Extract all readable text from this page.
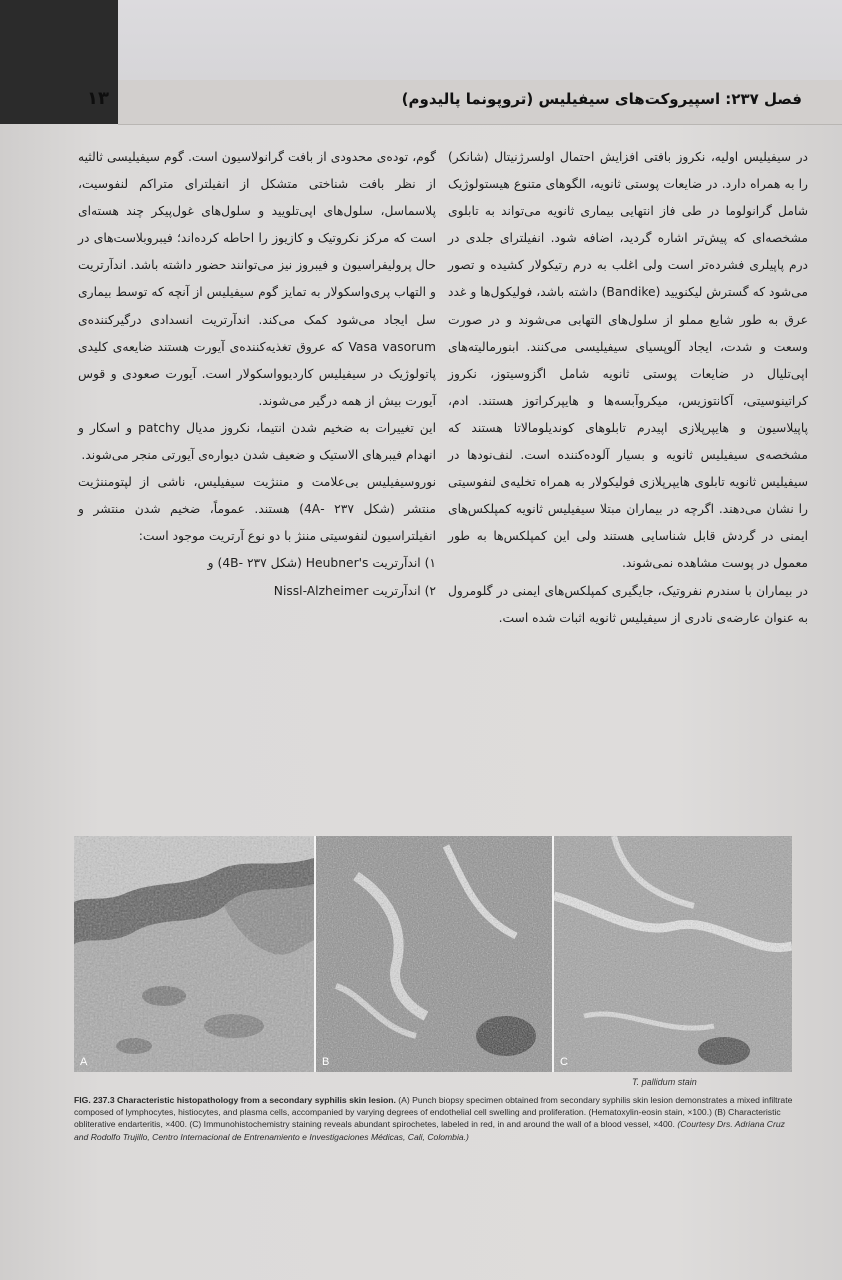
فصل ۲۳۷: اسپیروکت‌های سیفیلیس (تروپونما پالیدوم)
۱۳

در سیفیلیس اولیه، نکروز بافتی افزایش احتمال اولسرژنیتال (شانکر) را به همراه دارد. در ضایعات پوستی ثانویه، الگوهای متنوع هیستولوژیک شامل گرانولوما در طی فاز انتهایی بیماری ثانویه می‌تواند به تابلوی مشخصه‌ای که پیش‌تر اشاره گردید، اضافه شود. انفیلترای جلدی در درم پاپیلری فشرده‌تر است ولی اغلب به درم رتیکولار کشیده و تصور می‌شود که گسترش لیکنویید (Bandike) داشته باشد، فولیکول‌ها و غدد عرق به طور شایع مملو از سلول‌های التهابی می‌شوند و در صورت وسعت و شدت، ایجاد آلوپسیای سیفیلیسی می‌کنند. ابنورمالیته‌های اپی‌تلیال در ضایعات پوستی ثانویه شامل اگزوسیتوز، نکروز کراتینوسیتی، آکانتوزیس، میکروآبسه‌ها و هایپرکراتوز هستند. ادم، پاپیلاسیون و هایپرپلازی اپیدرم تابلوهای کوندیلومالاتا هستند که مشخصه‌ی سیفیلیس ثانویه و بسیار آلوده‌کننده است. لنف‌نودها در سیفیلیس ثانویه تابلوی هایپرپلازی فولیکولار به همراه تخلیه‌ی لنفوسیتی را نشان می‌دهند. اگرچه در بیماران مبتلا سیفیلیس ثانویه کمپلکس‌های ایمنی در گردش قابل شناسایی هستند ولی این کمپلکس‌ها به طور معمول در پوست مشاهده نمی‌شوند.

در بیماران با سندرم نفروتیک، جایگیری کمپلکس‌های ایمنی در گلومرول به عنوان عارضه‌ی نادری از سیفیلیس ثانویه اثبات شده است.

گوم، توده‌ی محدودی از بافت گرانولاسیون است. گوم سیفیلیسی ثالثیه از نظر بافت شناختی متشکل از انفیلترای متراکم لنفوسیت، پلاسماسل، سلول‌های اپی‌تلویید و سلول‌های غول‌پیکر چند هسته‌ای است که مرکز نکروتیک و کازیوز را احاطه کرده‌اند؛ فیبروبلاست‌های در حال پرولیفراسیون و فیبروز نیز می‌توانند حضور داشته باشد. اندآرتریت و التهاب پری‌واسکولار به تمایز گوم سیفیلیس از آنچه که توسط بیماری سل ایجاد می‌شود کمک می‌کند. اندآرتریت انسدادی درگیرکننده‌ی Vasa vasorum که عروق تغذیه‌کننده‌ی آیورت هستند ضایعه‌ی کلیدی پاتولوژیک در سیفیلیس کاردیوواسکولار است. آیورت صعودی و قوس آیورت بیش از همه درگیر می‌شوند.

این تغییرات به ضخیم شدن انتیما، نکروز مدیال patchy و اسکار و انهدام فیبرهای الاستیک و ضعیف شدن دیواره‌ی آیورتی منجر می‌شوند.

نوروسیفیلیس بی‌علامت و مننژیت سیفیلیس، ناشی از لپتومننژیت منتشر (شکل ۲۳۷ -4A) هستند. عموماً، ضخیم شدن منتشر و انفیلتراسیون لنفوسیتی مننژ با دو نوع آرتریت موجود است:

۱) اندآرتریت Heubner's (شکل ۲۳۷ -4B) و

۲) اندآرتریت Nissl-Alzheimer

A	B	C
T. pallidum stain
FIG. 237.3 Characteristic histopathology from a secondary syphilis skin lesion. (A) Punch biopsy specimen obtained from secondary syphilis skin lesion demonstrates a mixed infiltrate composed of lymphocytes, histiocytes, and plasma cells, accompanied by varying degrees of endothelial cell swelling and proliferation. (Hematoxylin-eosin stain, ×100.) (B) Characteristic obliterative endarteritis, ×400. (C) Immunohistochemistry staining reveals abundant spirochetes, labeled in red, in and around the wall of a blood vessel, ×400. (Courtesy Drs. Adriana Cruz and Rodolfo Trujillo, Centro Internacional de Entrenamiento e Investigaciones Médicas, Cali, Colombia.)
